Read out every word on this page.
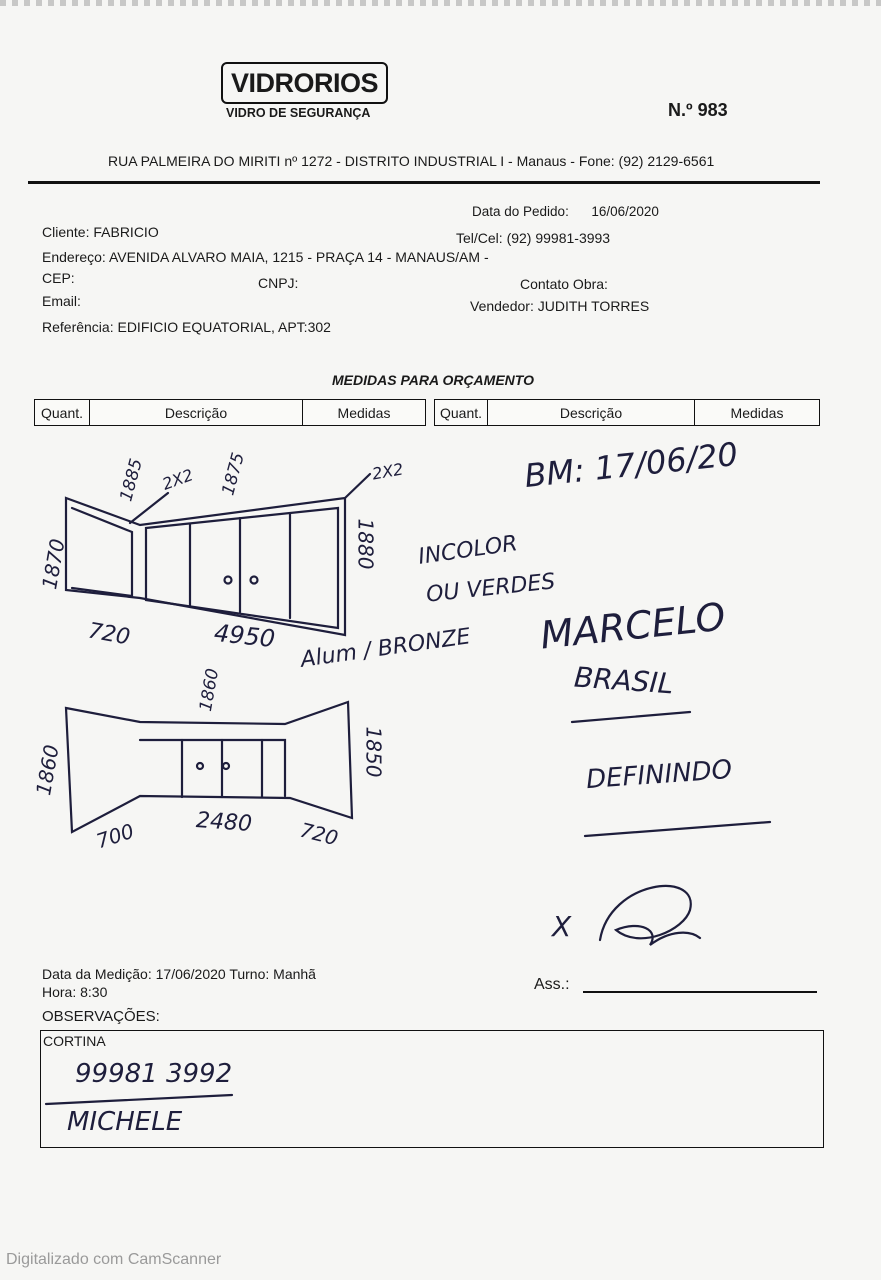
VIDRORIOS
VIDRO DE SEGURANÇA	N.º 983
RUA PALMEIRA DO MIRITI nº 1272 - DISTRITO INDUSTRIAL I - Manaus - Fone: (92) 2129-6561
Data do Pedido:      16/06/2020
Cliente: FABRICIO	Tel/Cel: (92) 99981-3993
Endereço: AVENIDA ALVARO MAIA, 1215 - PRAÇA 14 - MANAUS/AM -
CEP:	CNPJ:	Contato Obra:
Email:	Vendedor: JUDITH TORRES
Referência: EDIFICIO EQUATORIAL, APT:302
MEDIDAS PARA ORÇAMENTO
Quant.	Descrição	Medidas	Quant.	Descrição	Medidas
BM: 17/06/20
1885 2X2 1875	2X2
1870	1880
720	4950 Alum / BRONZE
INCOLOR
OU VERDES
MARCELO
BRASIL
DEFININDO
1860
1860	1850
700	2480 720
X
Data da Medição: 17/06/2020 Turno: Manhã
Hora: 8:30	Ass.:
OBSERVAÇÕES:
CORTINA
99981 3992
MICHELE
Digitalizado com CamScanner
